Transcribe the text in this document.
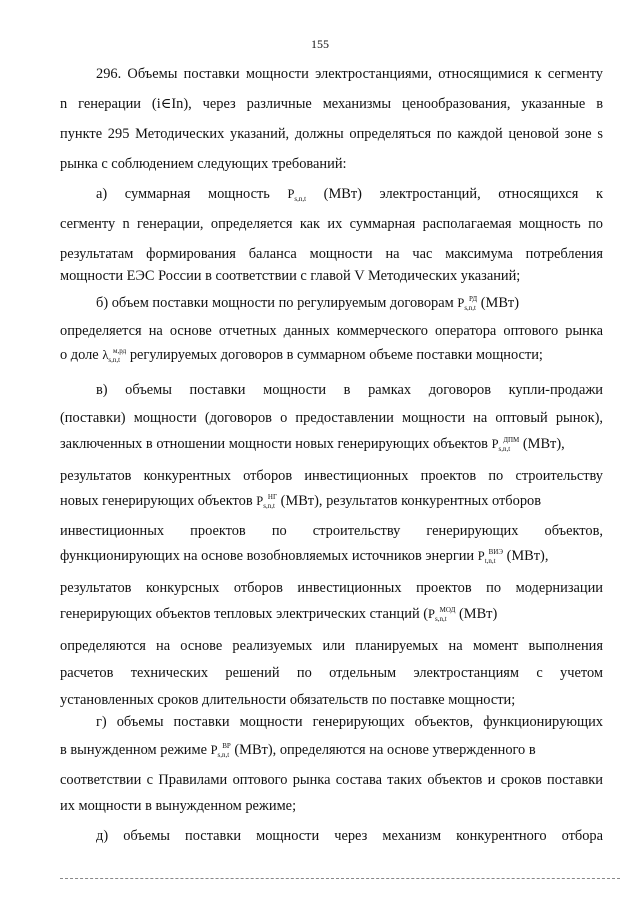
155
296. Объемы поставки мощности электростанциями, относящимися к сегменту
n генерации (i∈In), через различные механизмы ценообразования, указанные в
пункте 295 Методических указаний, должны определяться по каждой ценовой зоне s
рынка с соблюдением следующих требований:
а) суммарная мощность $P_{s,n,t}$ (МВт) электростанций, относящихся к
сегменту n генерации, определяется как их суммарная располагаемая мощность по
результатам формирования баланса мощности на час максимума потребления
мощности ЕЭС России в соответствии с главой V Методических указаний;
б) объем поставки мощности по регулируемым договорам $P_{s,n,t}^{РД}$ (МВт)
определяется на основе отчетных данных коммерческого оператора оптового рынка
о доле $\lambda_{s,n,t}^{м,рд}$ регулируемых договоров в суммарном объеме поставки мощности;
в) объемы поставки мощности в рамках договоров купли-продажи
(поставки) мощности (договоров о предоставлении мощности на оптовый рынок),
заключенных в отношении мощности новых генерирующих объектов $P_{s,n,t}^{ДПМ}$ (МВт),
результатов конкурентных отборов инвестиционных проектов по строительству
новых генерирующих объектов $P_{s,n,t}^{НГ}$ (МВт), результатов конкурентных отборов
инвестиционных проектов по строительству генерирующих объектов,
функционирующих на основе возобновляемых источников энергии $P_{t,n,t}^{ВИЭ}$ (МВт),
результатов конкурсных отборов инвестиционных проектов по модернизации
генерирующих объектов тепловых электрических станций ($P_{s,n,t}^{МОД}$ (МВт)
определяются на основе реализуемых или планируемых на момент выполнения
расчетов технических решений по отдельным электростанциям с учетом
установленных сроков длительности обязательств по поставке мощности;
г) объемы поставки мощности генерирующих объектов, функционирующих
в вынужденном режиме $P_{s,n,t}^{ВР}$ (МВт), определяются на основе утвержденного в
соответствии с Правилами оптового рынка состава таких объектов и сроков поставки
их мощности в вынужденном режиме;
д) объемы поставки мощности через механизм конкурентного отбора
